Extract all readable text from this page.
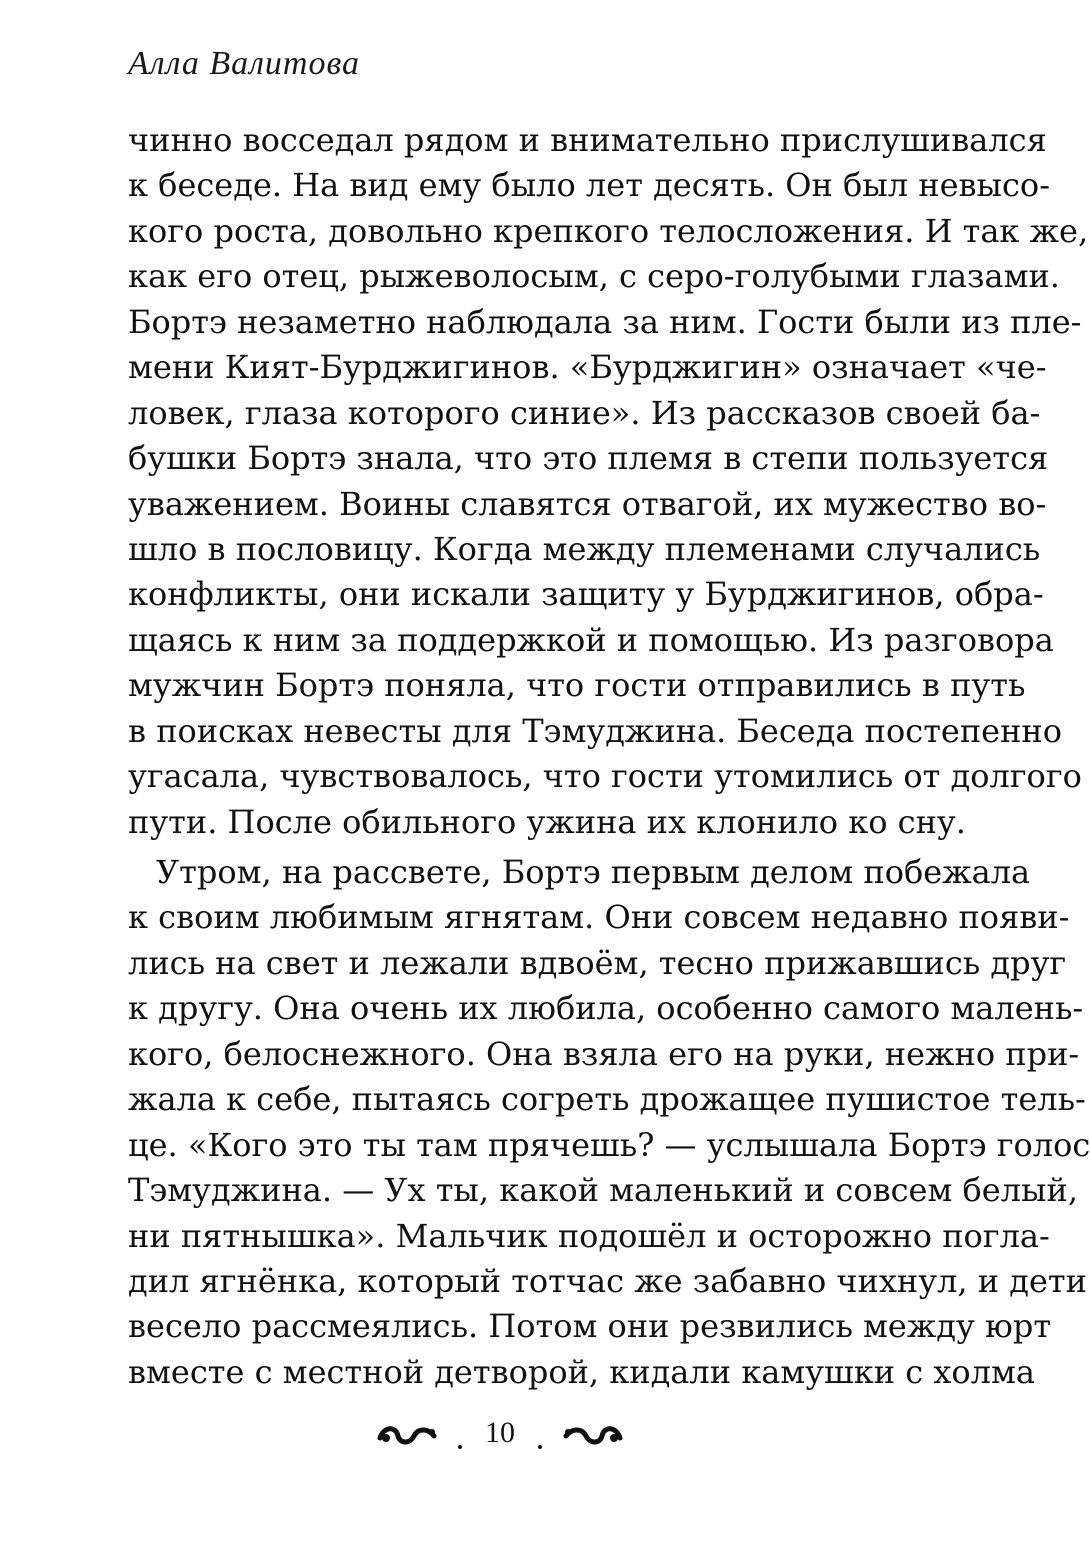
Алла Валитова
чинно восседал рядом и внимательно прислушивался
к беседе. На вид ему было лет десять. Он был невысо-
кого роста, довольно крепкого телосложения. И так же,
как его отец, рыжеволосым, с серо-голубыми глазами.
Бортэ незаметно наблюдала за ним. Гости были из пле-
мени Кият-Бурджигинов. «Бурджигин» означает «че-
ловек, глаза которого синие». Из рассказов своей ба-
бушки Бортэ знала, что это племя в степи пользуется
уважением. Воины славятся отвагой, их мужество во-
шло в пословицу. Когда между племенами случались
конфликты, они искали защиту у Бурджигинов, обра-
щаясь к ним за поддержкой и помощью. Из разговора
мужчин Бортэ поняла, что гости отправились в путь
в поисках невесты для Тэмуджина. Беседа постепенно
угасала, чувствовалось, что гости утомились от долгого
пути. После обильного ужина их клонило ко сну.
Утром, на рассвете, Бортэ первым делом побежала
к своим любимым ягнятам. Они совсем недавно появи-
лись на свет и лежали вдвоём, тесно прижавшись друг
к другу. Она очень их любила, особенно самого малень-
кого, белоснежного. Она взяла его на руки, нежно при-
жала к себе, пытаясь согреть дрожащее пушистое тель-
це. «Кого это ты там прячешь? — услышала Бортэ голос
Тэмуджина. — Ух ты, какой маленький и совсем белый,
ни пятнышка». Мальчик подошёл и осторожно погла-
дил ягнёнка, который тотчас же забавно чихнул, и дети
весело рассмеялись. Потом они резвились между юрт
вместе с местной детворой, кидали камушки с холма
10
